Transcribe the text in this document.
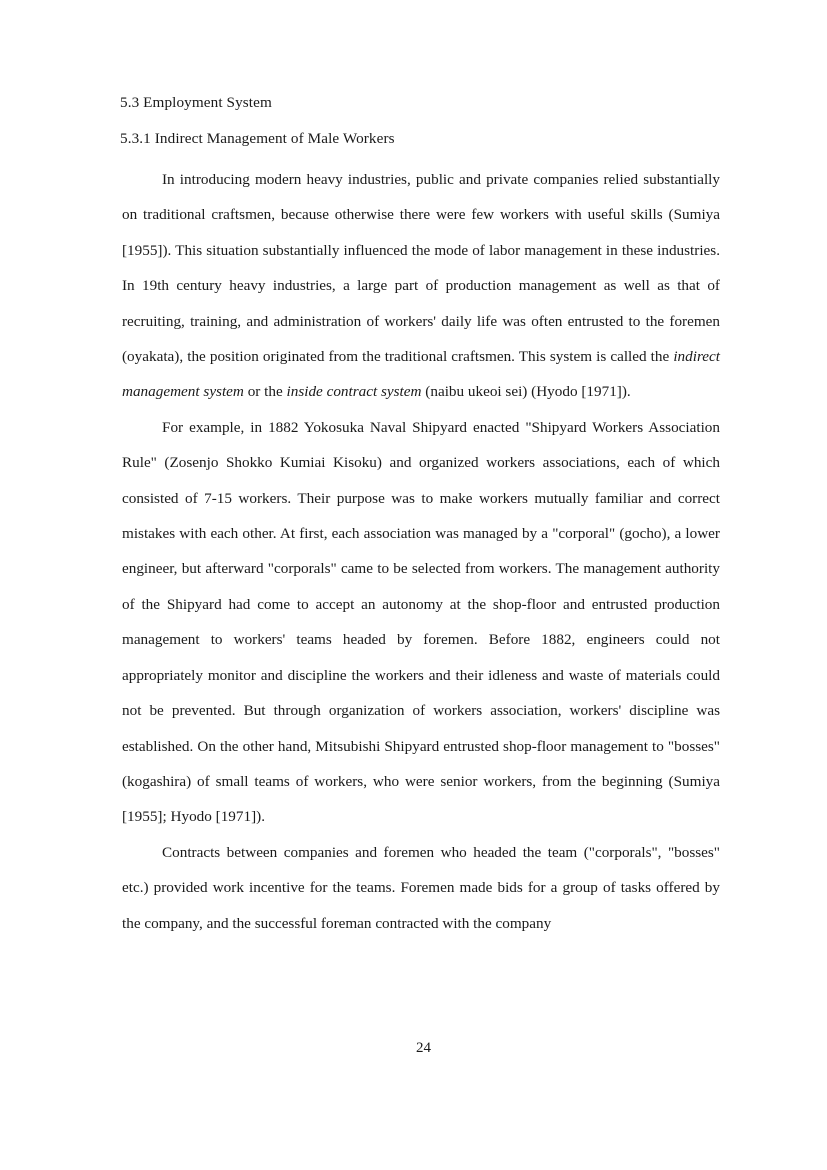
5.3 Employment System
5.3.1 Indirect Management of Male Workers

In introducing modern heavy industries, public and private companies relied substantially on traditional craftsmen, because otherwise there were few workers with useful skills (Sumiya [1955]). This situation substantially influenced the mode of labor management in these industries. In 19th century heavy industries, a large part of production management as well as that of recruiting, training, and administration of workers' daily life was often entrusted to the foremen (oyakata), the position originated from the traditional craftsmen. This system is called the indirect management system or the inside contract system (naibu ukeoi sei) (Hyodo [1971]).

For example, in 1882 Yokosuka Naval Shipyard enacted "Shipyard Workers Association Rule" (Zosenjo Shokko Kumiai Kisoku) and organized workers associations, each of which consisted of 7-15 workers. Their purpose was to make workers mutually familiar and correct mistakes with each other. At first, each association was managed by a "corporal" (gocho), a lower engineer, but afterward "corporals" came to be selected from workers. The management authority of the Shipyard had come to accept an autonomy at the shop-floor and entrusted production management to workers' teams headed by foremen. Before 1882, engineers could not appropriately monitor and discipline the workers and their idleness and waste of materials could not be prevented. But through organization of workers association, workers' discipline was established. On the other hand, Mitsubishi Shipyard entrusted shop-floor management to "bosses" (kogashira) of small teams of workers, who were senior workers, from the beginning (Sumiya [1955]; Hyodo [1971]).

Contracts between companies and foremen who headed the team ("corporals", "bosses" etc.) provided work incentive for the teams. Foremen made bids for a group of tasks offered by the company, and the successful foreman contracted with the company

24
